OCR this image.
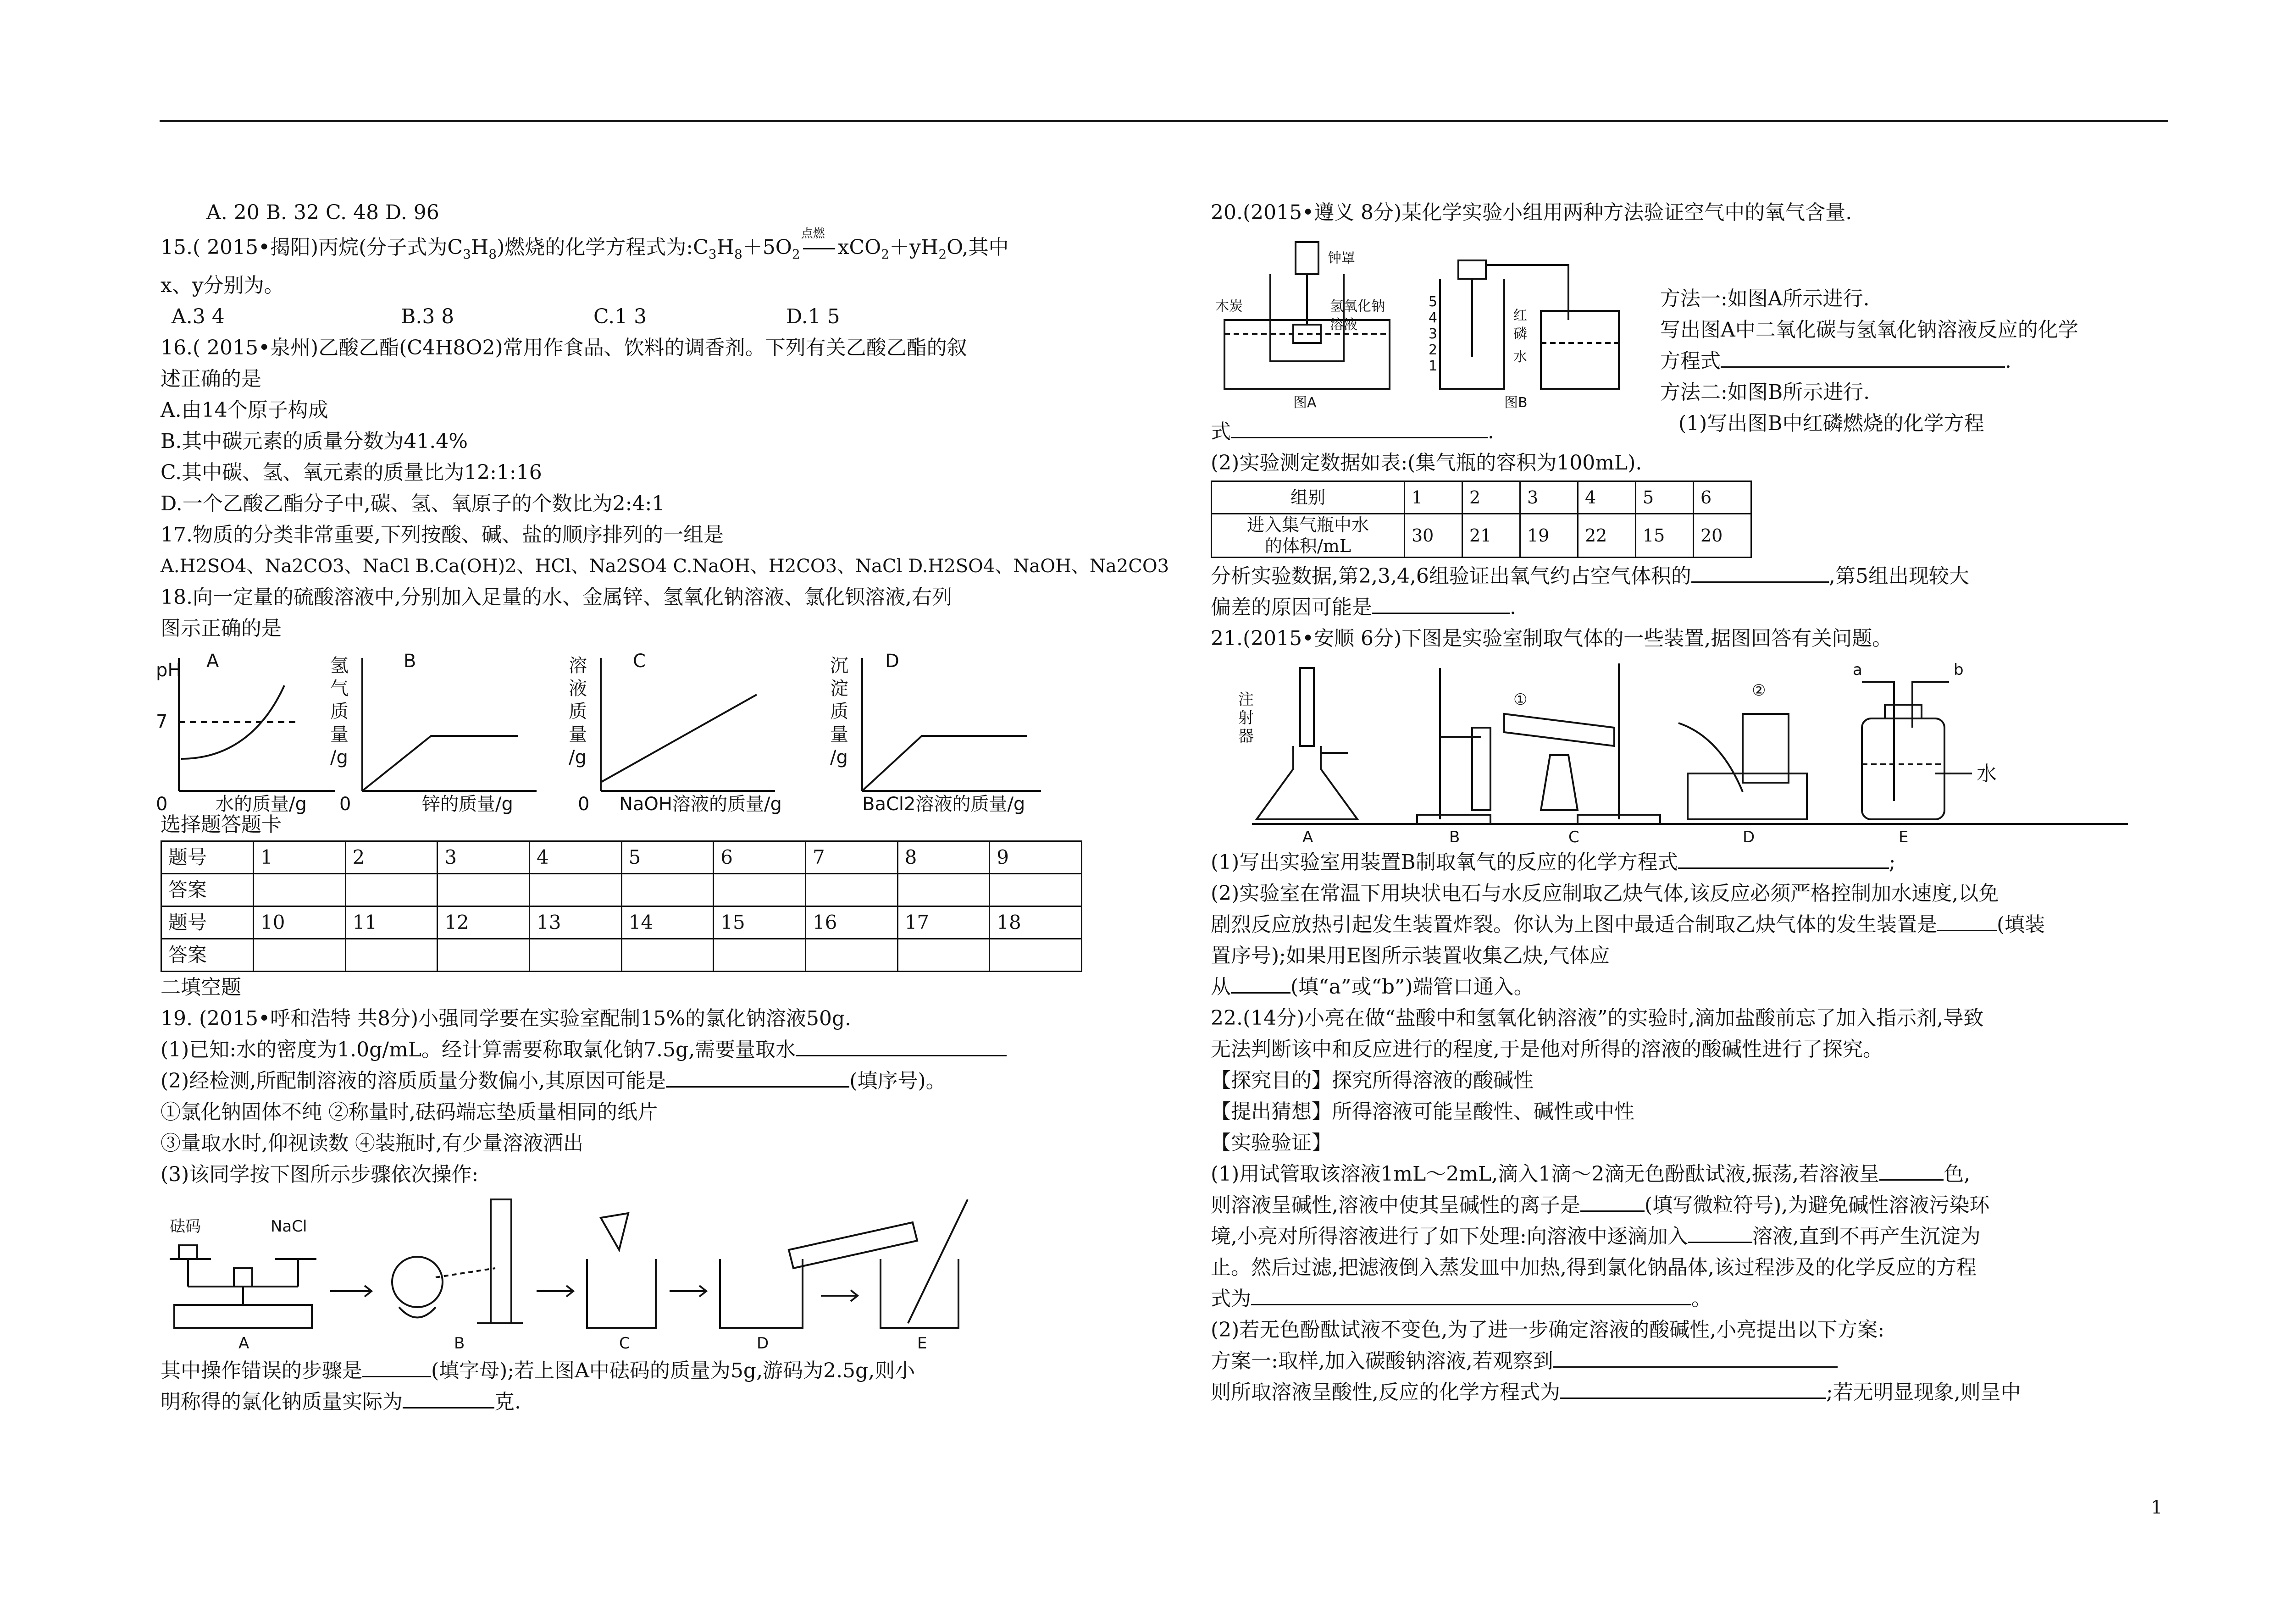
A. 20 B. 32 C. 48 D. 96

15.( 2015•揭阳)丙烷(分子式为$C_3H_8$)燃烧的化学方程式为$:C_3H_8+5O_2$
点燃
$xCO_2+yH_2O$,其中

x、y分别为。

A.3 4	B.3 8	C.1 3	D.1 5

16.( 2015•泉州)乙酸乙酯(C4H8O2)常用作食品、饮料的调香剂。下列有关乙酸乙酯的叙

述正确的是

A.由14个原子构成

B.其中碳元素的质量分数为41.4%

C.其中碳、氢、氧元素的质量比为12:1:16

D.一个乙酸乙酯分子中,碳、氢、氧原子的个数比为2:4:1

17.物质的分类非常重要,下列按酸、碱、盐的顺序排列的一组是

A.H2SO4、Na2CO3、NaCl B.Ca(OH)2、HCl、Na2SO4 C.NaOH、H2CO3、NaCl D.H2SO4、NaOH、Na2CO3

18.向一定量的硫酸溶液中,分别加入足量的水、金属锌、氢氧化钠溶液、氯化钡溶液,右列

图示正确的是

A
pH
7
0	水的质量/g
B
氢
气
质
量
/g
0	锌的质量/g
C
溶
液
质
量
/g
0 NaOH溶液的质量/g
D
沉
淀
质
量
/g
BaCl2溶液的质量/g

选择题答题卡

题号	1	2	3	4	5	6	7	8	9
答案									
题号	10	11	12	13	14	15	16	17	18
答案									

二填空题

19. (2015•呼和浩特 共8分)小强同学要在实验室配制15%的氯化钠溶液50g.

(1)已知:水的密度为1.0g/mL。经计算需要称取氯化钠7.5g,需要量取水

(2)经检测,所配制溶液的溶质质量分数偏小,其原因可能是	(填序号)。

①氯化钠固体不纯 ②称量时,砝码端忘垫质量相同的纸片

③量取水时,仰视读数 ④装瓶时,有少量溶液洒出

(3)该同学按下图所示步骤依次操作:

砝码	NaCl
A	B	C	D	E

其中操作错误的步骤是	(填字母);若上图A中砝码的质量为5g,游码为2.5g,则小

明称得的氯化钠质量实际为	克.

20.(2015•遵义 8分)某化学实验小组用两种方法验证空气中的氧气含量.

钟罩
木炭	氢氧化钠
溶液
图A
5
4
3
2
1
红
磷
水
图B

方法一:如图A所示进行.

写出图A中二氧化碳与氢氧化钠溶液反应的化学

方程式	.

方法二:如图B所示进行.

(1)写出图B中红磷燃烧的化学方程

式	.

(2)实验测定数据如表:(集气瓶的容积为100mL).

组别	1	2	3	4	5	6
进入集气瓶中水
的体积/mL	30	21	19	22	15	20

分析实验数据,第2,3,4,6组验证出氧气约占空气体积的	,第5组出现较大

偏差的原因可能是	.

21.(2015•安顺 6分)下图是实验室制取气体的一些装置,据图回答有关问题。

注
射
器
①	②
a	b
水
A	B	C	D	E

(1)写出实验室用装置B制取氧气的反应的化学方程式	;

(2)实验室在常温下用块状电石与水反应制取乙炔气体,该反应必须严格控制加水速度,以免

剧烈反应放热引起发生装置炸裂。你认为上图中最适合制取乙炔气体的发生装置是	(填装

置序号);如果用E图所示装置收集乙炔,气体应

从	(填“a”或“b”)端管口通入。

22.(14分)小亮在做“盐酸中和氢氧化钠溶液”的实验时,滴加盐酸前忘了加入指示剂,导致

无法判断该中和反应进行的程度,于是他对所得的溶液的酸碱性进行了探究。

【探究目的】探究所得溶液的酸碱性

【提出猜想】所得溶液可能呈酸性、碱性或中性

【实验验证】

(1)用试管取该溶液1mL～2mL,滴入1滴～2滴无色酚酞试液,振荡,若溶液呈	色,

则溶液呈碱性,溶液中使其呈碱性的离子是	(填写微粒符号),为避免碱性溶液污染环

境,小亮对所得溶液进行了如下处理:向溶液中逐滴加入	溶液,直到不再产生沉淀为

止。然后过滤,把滤液倒入蒸发皿中加热,得到氯化钠晶体,该过程涉及的化学反应的方程

式为	。

(2)若无色酚酞试液不变色,为了进一步确定溶液的酸碱性,小亮提出以下方案:

方案一:取样,加入碳酸钠溶液,若观察到

则所取溶液呈酸性,反应的化学方程式为	;若无明显现象,则呈中

1
